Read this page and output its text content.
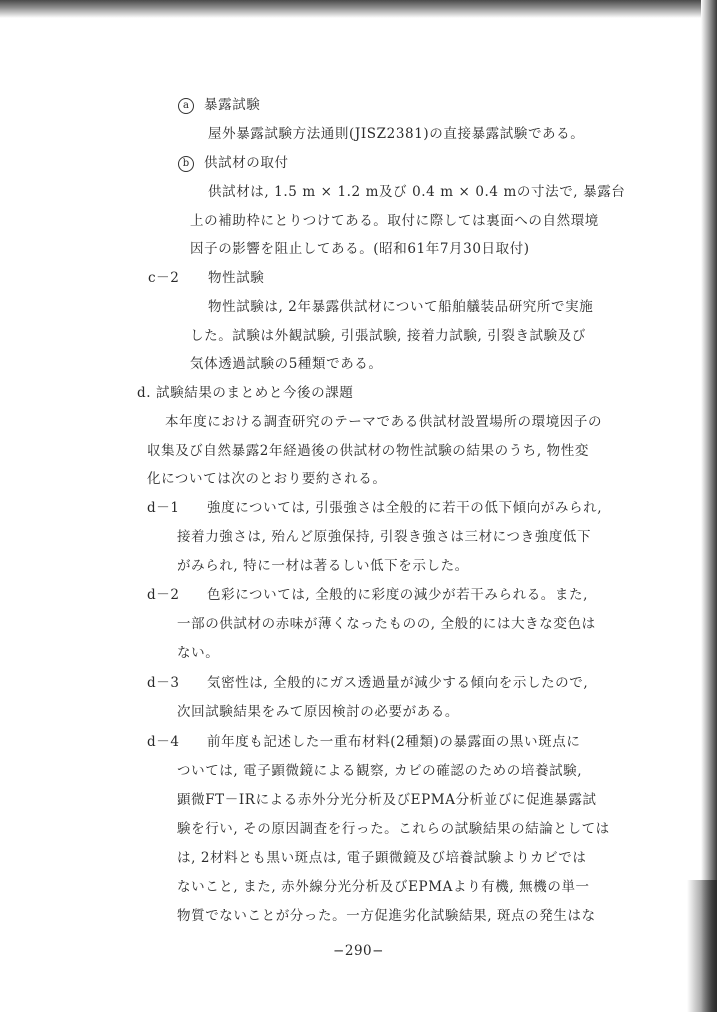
a 暴露試験
屋外暴露試験方法通則(JISZ2381)の直接暴露試験である。
b 供試材の取付
供試材は, 1.5 m × 1.2 m及び 0.4 m × 0.4 mの寸法で, 暴露台
上の補助枠にとりつけてある。取付に際しては裏面への自然環境
因子の影響を阻止してある。(昭和61年7月30日取付)
c－2 物性試験
物性試験は, 2年暴露供試材について船舶艤装品研究所で実施
した。試験は外観試験, 引張試験, 接着力試験, 引裂き試験及び
気体透過試験の5種類である。
d. 試験結果のまとめと今後の課題
本年度における調査研究のテーマである供試材設置場所の環境因子の
収集及び自然暴露2年経過後の供試材の物性試験の結果のうち, 物性変
化については次のとおり要約される。
d－1 強度については, 引張強さは全般的に若干の低下傾向がみられ,
接着力強さは, 殆んど原強保持, 引裂き強さは三材につき強度低下
がみられ, 特に一材は著るしい低下を示した。
d－2 色彩については, 全般的に彩度の減少が若干みられる。また,
一部の供試材の赤味が薄くなったものの, 全般的には大きな変色は
ない。
d－3 気密性は, 全般的にガス透過量が減少する傾向を示したので,
次回試験結果をみて原因検討の必要がある。
d－4 前年度も記述した一重布材料(2種類)の暴露面の黒い斑点に
ついては, 電子顕微鏡による観察, カビの確認のための培養試験,
顕微FT－IRによる赤外分光分析及びEPMA分析並びに促進暴露試
験を行い, その原因調査を行った。これらの試験結果の結論としては
は, 2材料とも黒い斑点は, 電子顕微鏡及び培養試験よりカビでは
ないこと, また, 赤外線分光分析及びEPMAより有機, 無機の単一
物質でないことが分った。一方促進劣化試験結果, 斑点の発生はな
−290−
